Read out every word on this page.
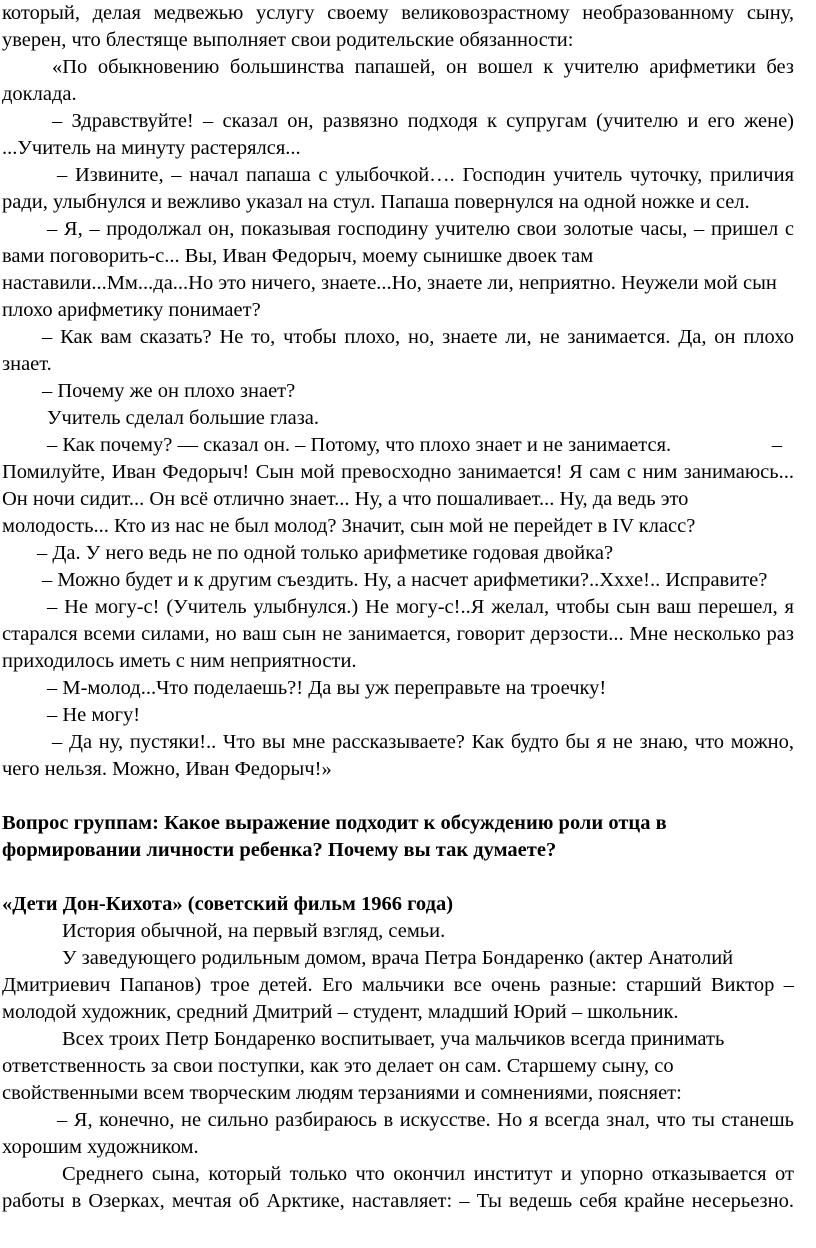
который, делая медвежью услугу своему великовозрастному необразованному сыну,
уверен, что блестяще выполняет свои родительские обязанности:
«По обыкновению большинства папашей, он вошел к учителю арифметики без
доклада.
– Здравствуйте! – сказал он, развязно подходя к супругам (учителю и его жене)
...Учитель на минуту растерялся...
– Извините, – начал папаша с улыбочкой…. Господин учитель чуточку, приличия
ради, улыбнулся и вежливо указал на стул. Папаша повернулся на одной ножке и сел.
– Я, – продолжал он, показывая господину учителю свои золотые часы, – пришел с
вами поговорить-с... Вы, Иван Федорыч, моему сынишке двоек там
наставили...Мм...да...Но это ничего, знаете...Но, знаете ли, неприятно. Неужели мой сын
плохо арифметику понимает?
– Как вам сказать? Не то, чтобы плохо, но, знаете ли, не занимается. Да, он плохо
знает.
– Почему же он плохо знает?
Учитель сделал большие глаза.
– Как почему? — сказал он. – Потому, что плохо знает и не занимается.	–
Помилуйте, Иван Федорыч! Сын мой превосходно занимается! Я сам с ним занимаюсь...
Он ночи сидит... Он всё отлично знает... Ну, а что пошаливает... Ну, да ведь это
молодость... Кто из нас не был молод? Значит, сын мой не перейдет в IV класс?
– Да. У него ведь не по одной только арифметике годовая двойка?
– Можно будет и к другим съездить. Ну, а насчет арифметики?..Хххе!.. Исправите?
– Не могу-с! (Учитель улыбнулся.) Не могу-с!..Я желал, чтобы сын ваш перешел, я
старался всеми силами, но ваш сын не занимается, говорит дерзости... Мне несколько раз
приходилось иметь с ним неприятности.
– М-молод...Что поделаешь?! Да вы уж переправьте на троечку!
– Не могу!
– Да ну, пустяки!.. Что вы мне рассказываете? Как будто бы я не знаю, что можно,
чего нельзя. Можно, Иван Федорыч!»
Вопрос группам: Какое выражение подходит к обсуждению роли отца в
формировании личности ребенка? Почему вы так думаете?
«Дети Дон-Кихота» (советский фильм 1966 года)
История обычной, на первый взгляд, семьи.
У заведующего родильным домом, врача Петра Бондаренко (актер Анатолий
Дмитриевич Папанов) трое детей. Его мальчики все очень разные: старший Виктор –
молодой художник, средний Дмитрий – студент, младший Юрий – школьник.
Всех троих Петр Бондаренко воспитывает, уча мальчиков всегда принимать
ответственность за свои поступки, как это делает он сам. Старшему сыну, со
свойственными всем творческим людям терзаниями и сомнениями, поясняет:
– Я, конечно, не сильно разбираюсь в искусстве. Но я всегда знал, что ты станешь
хорошим художником.
Среднего сына, который только что окончил институт и упорно отказывается от
работы в Озерках, мечтая об Арктике, наставляет: – Ты ведешь себя крайне несерьезно.
